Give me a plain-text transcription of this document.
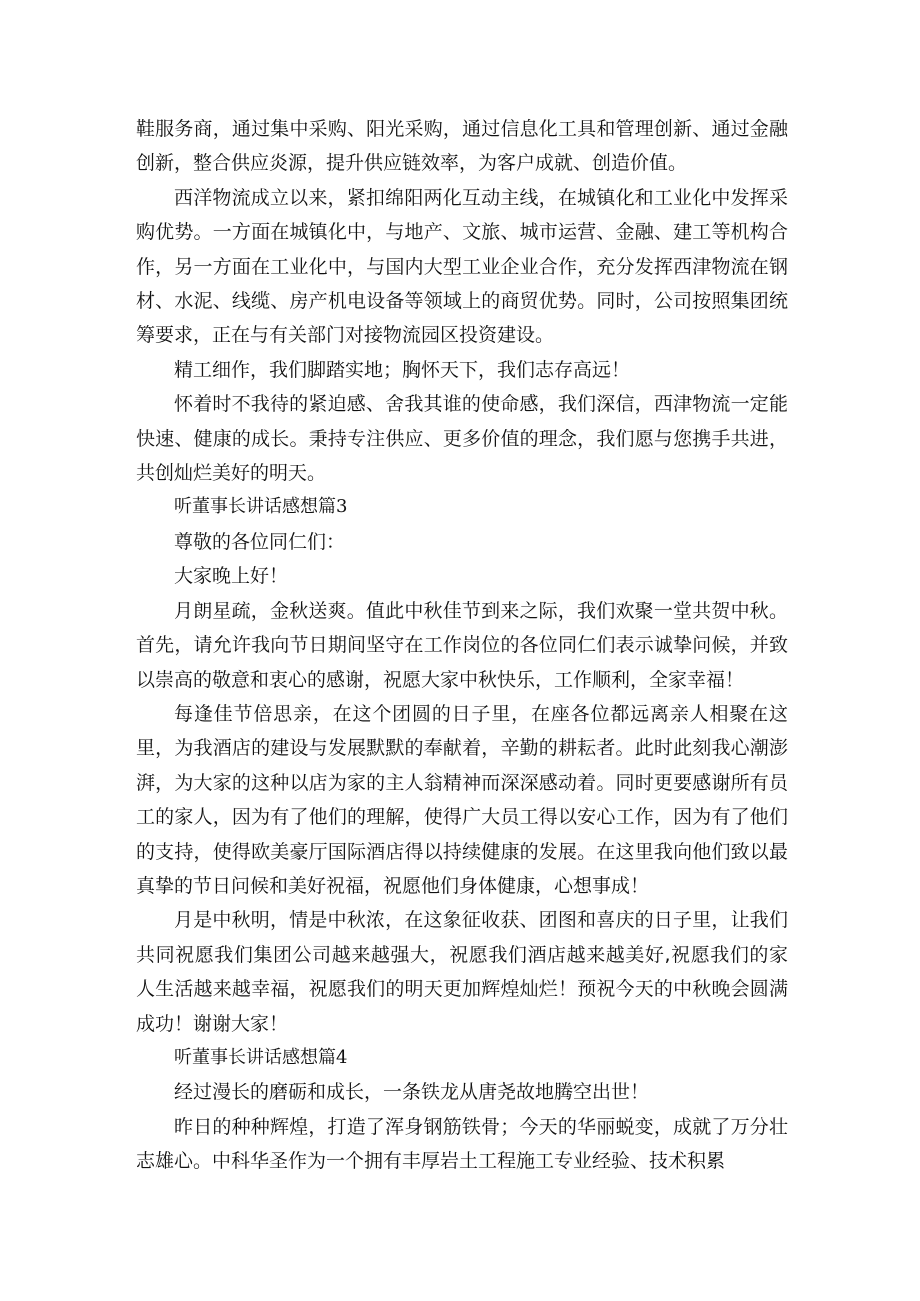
鞋服务商，通过集中采购、阳光采购，通过信息化工具和管理创新、通过金融创新，整合供应炎源，提升供应链效率，为客户成就、创造价值。

西洋物流成立以来，紧扣绵阳两化互动主线，在城镇化和工业化中发挥采购优势。一方面在城镇化中，与地产、文旅、城市运营、金融、建工等机构合作，另一方面在工业化中，与国内大型工业企业合作，充分发挥西津物流在钢材、水泥、线缆、房产机电设备等领域上的商贸优势。同时，公司按照集团统筹要求，正在与有关部门对接物流园区投资建设。

精工细作，我们脚踏实地；胸怀天下，我们志存高远！

怀着时不我待的紧迫感、舍我其谁的使命感，我们深信，西津物流一定能快速、健康的成长。秉持专注供应、更多价值的理念，我们愿与您携手共进，共创灿烂美好的明天。

听董事长讲话感想篇3

尊敬的各位同仁们：

大家晚上好！

月朗星疏，金秋送爽。值此中秋佳节到来之际，我们欢聚一堂共贺中秋。首先，请允许我向节日期间坚守在工作岗位的各位同仁们表示诚挚问候，并致以崇高的敬意和衷心的感谢，祝愿大家中秋快乐，工作顺利，全家幸福！

每逢佳节倍思亲，在这个团圆的日子里，在座各位都远离亲人相聚在这里，为我酒店的建设与发展默默的奉献着，辛勤的耕耘者。此时此刻我心潮澎湃，为大家的这种以店为家的主人翁精神而深深感动着。同时更要感谢所有员工的家人，因为有了他们的理解，使得广大员工得以安心工作，因为有了他们的支持，使得欧美豪厅国际酒店得以持续健康的发展。在这里我向他们致以最真挚的节日问候和美好祝福，祝愿他们身体健康，心想事成！

月是中秋明，情是中秋浓，在这象征收获、团图和喜庆的日子里，让我们共同祝愿我们集团公司越来越强大，祝愿我们酒店越来越美好,祝愿我们的家人生活越来越幸福，祝愿我们的明天更加辉煌灿烂！预祝今天的中秋晚会圆满成功！谢谢大家！

听董事长讲话感想篇4

经过漫长的磨砺和成长，一条铁龙从唐尧故地腾空出世！

昨日的种种辉煌，打造了浑身钢筋铁骨；今天的华丽蜕变，成就了万分壮志雄心。中科华圣作为一个拥有丰厚岩土工程施工专业经验、技术积累
